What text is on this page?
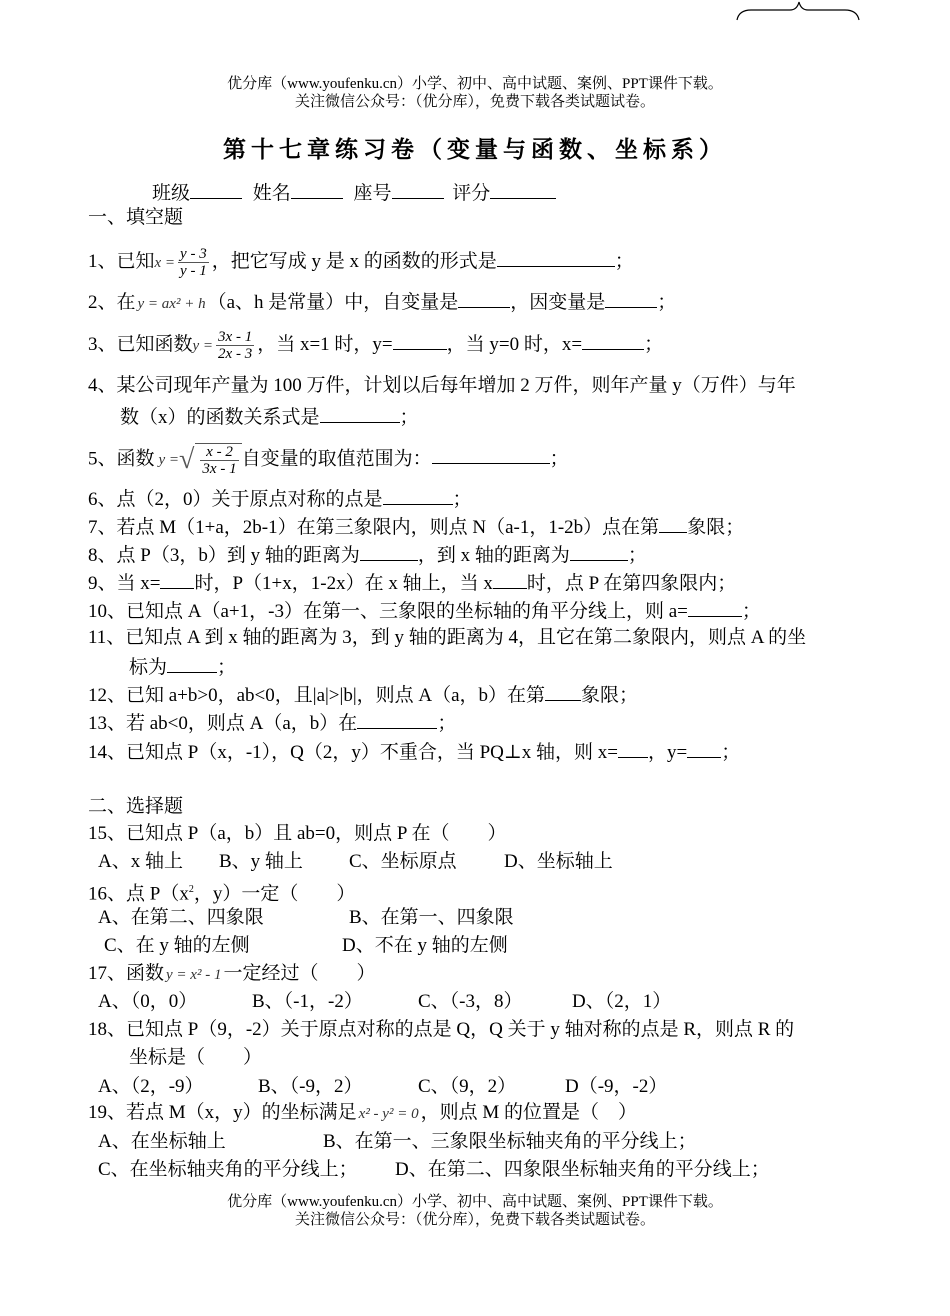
优分库（www.youfenku.cn）小学、初中、高中试题、案例、PPT课件下载。
关注微信公众号：（优分库），免费下载各类试题试卷。
第十七章练习卷（变量与函数、坐标系）
班级	姓名	座号	评分
一、填空题
1、已知$x = \frac{y - 3}{y - 1}$ ，把它写成 y 是 x 的函数的形式是	；
2、在 y = ax² + h （a、h 是常量）中，自变量是	，因变量是	；
3、已知函数$y = \frac{3x - 1}{2x - 3}$ ，当 x=1 时，y=	，当 y=0 时，x=	；
4、某公司现年产量为 100 万件，计划以后每年增加 2 万件，则年产量 y（万件）与年
数（x）的函数关系式是	；
5、函数 y =√ $\frac{x - 2}{3x - 1}$ 自变量的取值范围为：	；
6、点（2，0）关于原点对称的点是	；
7、若点 M（1+a，2b-1）在第三象限内，则点 N（a-1，1-2b）点在第 象限；
8、点 P（3，b）到 y 轴的距离为	，到 x 轴的距离为	；
9、当 x= 时，P（1+x，1-2x）在 x 轴上，当 x 时，点 P 在第四象限内；
10、已知点 A（a+1，-3）在第一、三象限的坐标轴的角平分线上，则 a=	；
11、已知点 A 到 x 轴的距离为 3，到 y 轴的距离为 4，且它在第二象限内，则点 A 的坐
标为	；
12、已知 a+b>0，ab<0，且|a|>|b|，则点 A（a，b）在第 象限；
13、若 ab<0，则点 A（a，b）在	；
14、已知点 P（x，-1），Q（2，y）不重合，当 PQ⊥x 轴，则 x= ，y= ；
二、选择题
15、已知点 P（a，b）且 ab=0，则点 P 在（　　）
A、x 轴上 B、y 轴上 C、坐标原点 D、坐标轴上
16、点 $P(x^2$，y）一定（　　）
A、在第二、四象限	B、在第一、四象限
C、在 y 轴的左侧	D、不在 y 轴的左侧
17、函数 y = x² - 1 一定经过（　　）
A、（0，0）	B、（-1，-2）	C、（-3，8）	D、（2，1）
18、已知点 P（9，-2）关于原点对称的点是 Q，Q 关于 y 轴对称的点是 R，则点 R 的
坐标是（　　）
A、（2，-9）	B、（-9，2）	C、（9，2）	D（-9，-2）
19、若点 M（x，y）的坐标满足 x² - y² = 0 ，则点 M 的位置是（　）
A、在坐标轴上	B、在第一、三象限坐标轴夹角的平分线上；
C、在坐标轴夹角的平分线上； D、在第二、四象限坐标轴夹角的平分线上；
优分库（www.youfenku.cn）小学、初中、高中试题、案例、PPT课件下载。
关注微信公众号：（优分库），免费下载各类试题试卷。
